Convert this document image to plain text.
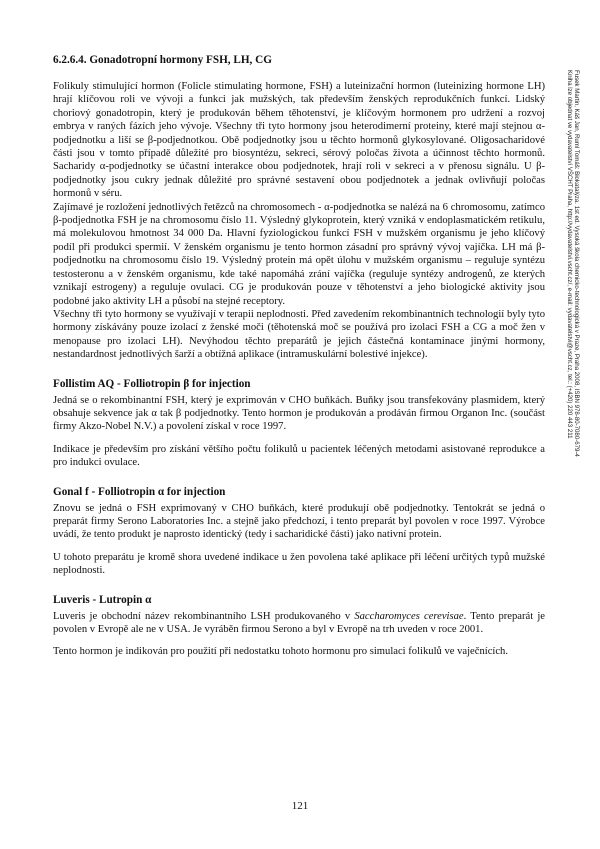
6.2.6.4. Gonadotropní hormony FSH, LH, CG

Folikuly stimulující hormon (Folicle stimulating hormone, FSH) a luteinizační hormon (luteinizing hormone LH) hrají klíčovou roli ve vývoji a funkci jak mužských, tak především ženských reprodukčních funkcí. Lidský choriový gonadotropin, který je produkován během těhotenství, je klíčovým hormonem pro udržení a rozvoj embrya v raných fázích jeho vývoje. Všechny tři tyto hormony jsou heterodimerní proteiny, které mají stejnou α-podjednotku a liší se β-podjednotkou. Obě podjednotky jsou u těchto hormonů glykosylované. Oligosacharidové části jsou v tomto případě důležité pro biosyntézu, sekreci, sérový poločas života a účinnost těchto hormonů. Sacharidy α-podjednotky se účastní interakce obou podjednotek, hrají roli v sekreci a v přenosu signálu. U β-podjednotky jsou cukry jednak důležité pro správné sestavení obou podjednotek a jednak ovlivňují poločas hormonů v séru.

Zajímavé je rozložení jednotlivých řetězců na chromosomech - α-podjednotka se nalézá na 6 chromosomu, zatímco β-podjednotka FSH je na chromosomu číslo 11. Výsledný glykoprotein, který vzniká v endoplasmatickém retikulu, má molekulovou hmotnost 34 000 Da. Hlavní fyziologickou funkcí FSH v mužském organismu je jeho klíčový podíl při produkci spermií. V ženském organismu je tento hormon zásadní pro správný vývoj vajíčka. LH má β-podjednotku na chromosomu číslo 19. Výsledný protein má opět úlohu v mužském organismu – reguluje syntézu testosteronu a v ženském organismu, kde také napomáhá zrání vajíčka (reguluje syntézy androgenů, ze kterých vznikají estrogeny) a reguluje ovulaci. CG je produkován pouze v těhotenství a jeho biologické aktivity jsou podobné jako aktivity LH a působí na stejné receptory.

Všechny tři tyto hormony se využívají v terapii neplodnosti. Před zavedením rekombinantních technologií byly tyto hormony získávány pouze izolací z ženské moči (těhotenská moč se používá pro izolaci FSH a CG a moč žen v menopause pro izolaci LH). Nevýhodou těchto preparátů je jejich částečná kontaminace jinými hormony, nestandardnost jednotlivých šarží a obtížná aplikace (intramuskulární bolestivé injekce).

Follistim AQ - Folliotropin β for injection

Jedná se o rekombinantní FSH, který je exprimován v CHO buňkách. Buňky jsou transfekovány plasmidem, který obsahuje sekvence jak α tak β podjednotky. Tento hormon je produkován a prodáván firmou Organon Inc. (součást firmy Akzo-Nobel N.V.) a povolení získal v roce 1997.

Indikace je především pro získání většího počtu folikulů u pacientek léčených metodami asistované reprodukce a pro indukci ovulace.

Gonal f - Folliotropin α for injection

Znovu se jedná o FSH exprimovaný v CHO buňkách, které produkují obě podjednotky. Tentokrát se jedná o preparát firmy Serono Laboratories Inc. a stejně jako předchozí, i tento preparát byl povolen v roce 1997. Výrobce uvádí, že tento produkt je naprosto identický (tedy i sacharidické části) jako nativní protein.

U tohoto preparátu je kromě shora uvedené indikace u žen povolena také aplikace při léčení určitých typů mužské neplodnosti.

Luveris - Lutropin α

Luveris je obchodní název rekombinantního LSH produkovaného v Saccharomyces cerevisae. Tento preparát je povolen v Evropě ale ne v USA. Je vyráběn firmou Serono a byl v Evropě na trh uveden v roce 2001.

Tento hormon je indikován pro použití při nedostatku tohoto hormonu pro simulaci folikulů ve vaječnících.

Fusek Martin, Káš Jan, Ruml Tomáš: Biokatalýza. 1st ed. Vysoká škola chemicko-technologická v Praze, Praha 2008, ISBN 978-80-7080-679-4
Kniha lze objednat ve vydavatelství VŠCHT Praha, http://vydavatelstvi.vscht.cz/, e-mail: vydavatelstvi@vscht.cz, tel.: (+420) 220 443 211
121
